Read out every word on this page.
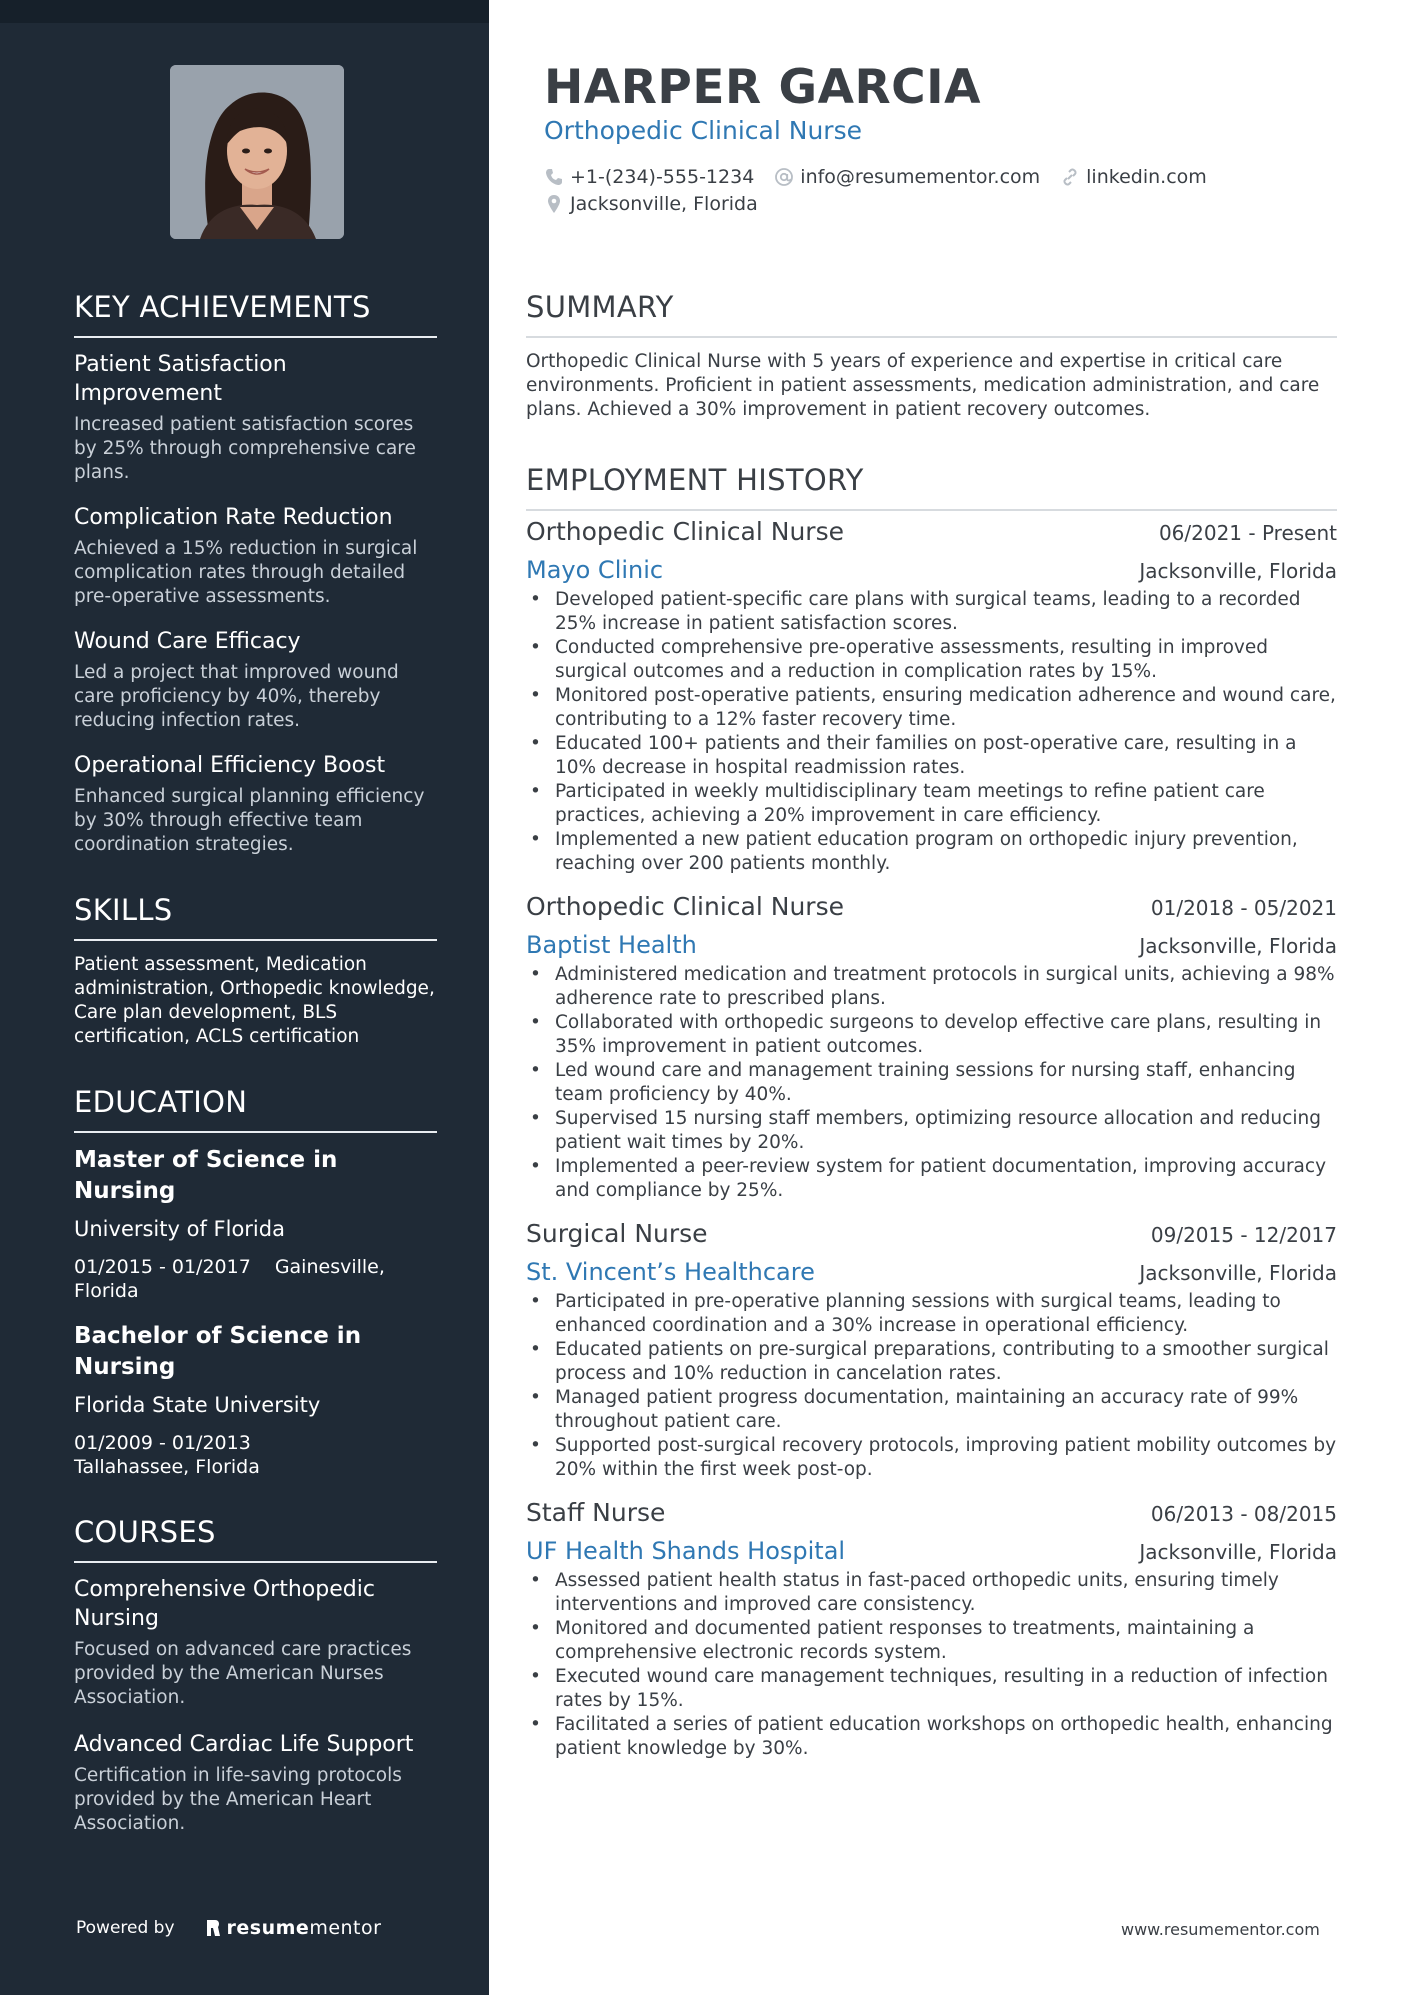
KEY ACHIEVEMENTS
Patient Satisfaction Improvement
Increased patient satisfaction scores by 25% through comprehensive care plans.
Complication Rate Reduction
Achieved a 15% reduction in surgical complication rates through detailed pre-operative assessments.
Wound Care Efficacy
Led a project that improved wound care proficiency by 40%, thereby reducing infection rates.
Operational Efficiency Boost
Enhanced surgical planning efficiency by 30% through effective team coordination strategies.
SKILLS
Patient assessment, Medication administration, Orthopedic knowledge, Care plan development, BLS certification, ACLS certification
EDUCATION
Master of Science in Nursing
University of Florida
01/2015 - 01/2017 Gainesville, Florida
Bachelor of Science in Nursing
Florida State University
01/2009 - 01/2013
Tallahassee, Florida
COURSES
Comprehensive Orthopedic Nursing
Focused on advanced care practices provided by the American Nurses Association.
Advanced Cardiac Life Support
Certification in life-saving protocols provided by the American Heart Association.
Powered by	resume mentor
HARPER GARCIA
Orthopedic Clinical Nurse
+1-(234)-555-1234 info@resumementor.com linkedin.com
Jacksonville, Florida
SUMMARY
Orthopedic Clinical Nurse with 5 years of experience and expertise in critical care environments. Proficient in patient assessments, medication administration, and care plans. Achieved a 30% improvement in patient recovery outcomes.
EMPLOYMENT HISTORY
Orthopedic Clinical Nurse	06/2021 - Present
Mayo Clinic	Jacksonville, Florida
• Developed patient-specific care plans with surgical teams, leading to a recorded 25% increase in patient satisfaction scores.
• Conducted comprehensive pre-operative assessments, resulting in improved surgical outcomes and a reduction in complication rates by 15%.
• Monitored post-operative patients, ensuring medication adherence and wound care, contributing to a 12% faster recovery time.
• Educated 100+ patients and their families on post-operative care, resulting in a 10% decrease in hospital readmission rates.
• Participated in weekly multidisciplinary team meetings to refine patient care practices, achieving a 20% improvement in care efficiency.
• Implemented a new patient education program on orthopedic injury prevention, reaching over 200 patients monthly.
Orthopedic Clinical Nurse	01/2018 - 05/2021
Baptist Health	Jacksonville, Florida
• Administered medication and treatment protocols in surgical units, achieving a 98% adherence rate to prescribed plans.
• Collaborated with orthopedic surgeons to develop effective care plans, resulting in 35% improvement in patient outcomes.
• Led wound care and management training sessions for nursing staff, enhancing team proficiency by 40%.
• Supervised 15 nursing staff members, optimizing resource allocation and reducing patient wait times by 20%.
• Implemented a peer-review system for patient documentation, improving accuracy and compliance by 25%.
Surgical Nurse	09/2015 - 12/2017
St. Vincent’s Healthcare	Jacksonville, Florida
• Participated in pre-operative planning sessions with surgical teams, leading to enhanced coordination and a 30% increase in operational efficiency.
• Educated patients on pre-surgical preparations, contributing to a smoother surgical process and 10% reduction in cancelation rates.
• Managed patient progress documentation, maintaining an accuracy rate of 99% throughout patient care.
• Supported post-surgical recovery protocols, improving patient mobility outcomes by 20% within the first week post-op.
Staff Nurse	06/2013 - 08/2015
UF Health Shands Hospital	Jacksonville, Florida
• Assessed patient health status in fast-paced orthopedic units, ensuring timely interventions and improved care consistency.
• Monitored and documented patient responses to treatments, maintaining a comprehensive electronic records system.
• Executed wound care management techniques, resulting in a reduction of infection rates by 15%.
• Facilitated a series of patient education workshops on orthopedic health, enhancing patient knowledge by 30%.
www.resumementor.com
